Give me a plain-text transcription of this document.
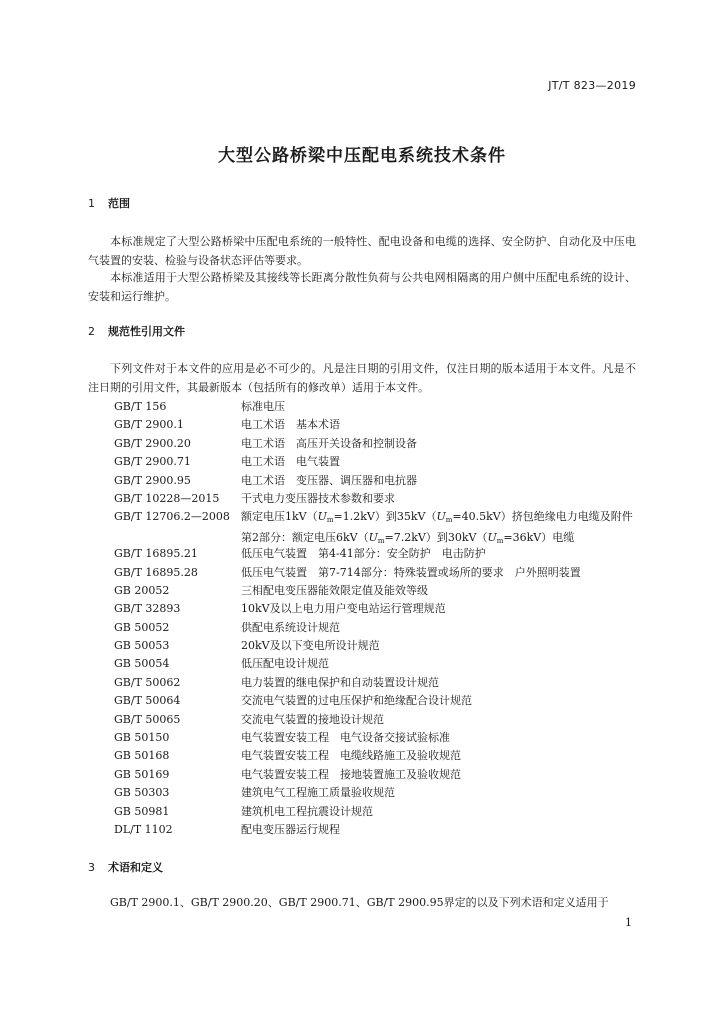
JT/T 823—2019
大型公路桥梁中压配电系统技术条件
1 范围
本标准规定了大型公路桥梁中压配电系统的一般特性、配电设备和电缆的选择、安全防护、自动化及中压电气装置的安装、检验与设备状态评估等要求。
本标准适用于大型公路桥梁及其接线等长距离分散性负荷与公共电网相隔离的用户侧中压配电系统的设计、安装和运行维护。
2 规范性引用文件
下列文件对于本文件的应用是必不可少的。凡是注日期的引用文件，仅注日期的版本适用于本文件。凡是不注日期的引用文件，其最新版本（包括所有的修改单）适用于本文件。
GB/T 156	标准电压
GB/T 2900.1	电工术语　基本术语
GB/T 2900.20	电工术语　高压开关设备和控制设备
GB/T 2900.71	电工术语　电气装置
GB/T 2900.95	电工术语　变压器、调压器和电抗器
GB/T 10228—2015	干式电力变压器技术参数和要求
GB/T 12706.2—2008	额定电压$1kV(U_m=1.2kV)$到$35kV(U_m=40.5kV)$挤包绝缘电力电缆及附件　第2部分：额定电压$6kV(U_m=7.2kV)$到$30kV(U_m=36kV)$电缆
GB/T 16895.21	低压电气装置　第4-41部分：安全防护　电击防护
GB/T 16895.28	低压电气装置　第7-714部分：特殊装置或场所的要求　户外照明装置
GB 20052	三相配电变压器能效限定值及能效等级
GB/T 32893	10kV及以上电力用户变电站运行管理规范
GB 50052	供配电系统设计规范
GB 50053	20kV及以下变电所设计规范
GB 50054	低压配电设计规范
GB/T 50062	电力装置的继电保护和自动装置设计规范
GB/T 50064	交流电气装置的过电压保护和绝缘配合设计规范
GB/T 50065	交流电气装置的接地设计规范
GB 50150	电气装置安装工程　电气设备交接试验标准
GB 50168	电气装置安装工程　电缆线路施工及验收规范
GB 50169	电气装置安装工程　接地装置施工及验收规范
GB 50303	建筑电气工程施工质量验收规范
GB 50981	建筑机电工程抗震设计规范
DL/T 1102	配电变压器运行规程
3 术语和定义
GB/T 2900.1、GB/T 2900.20、GB/T 2900.71、GB/T 2900.95界定的以及下列术语和定义适用于
1
